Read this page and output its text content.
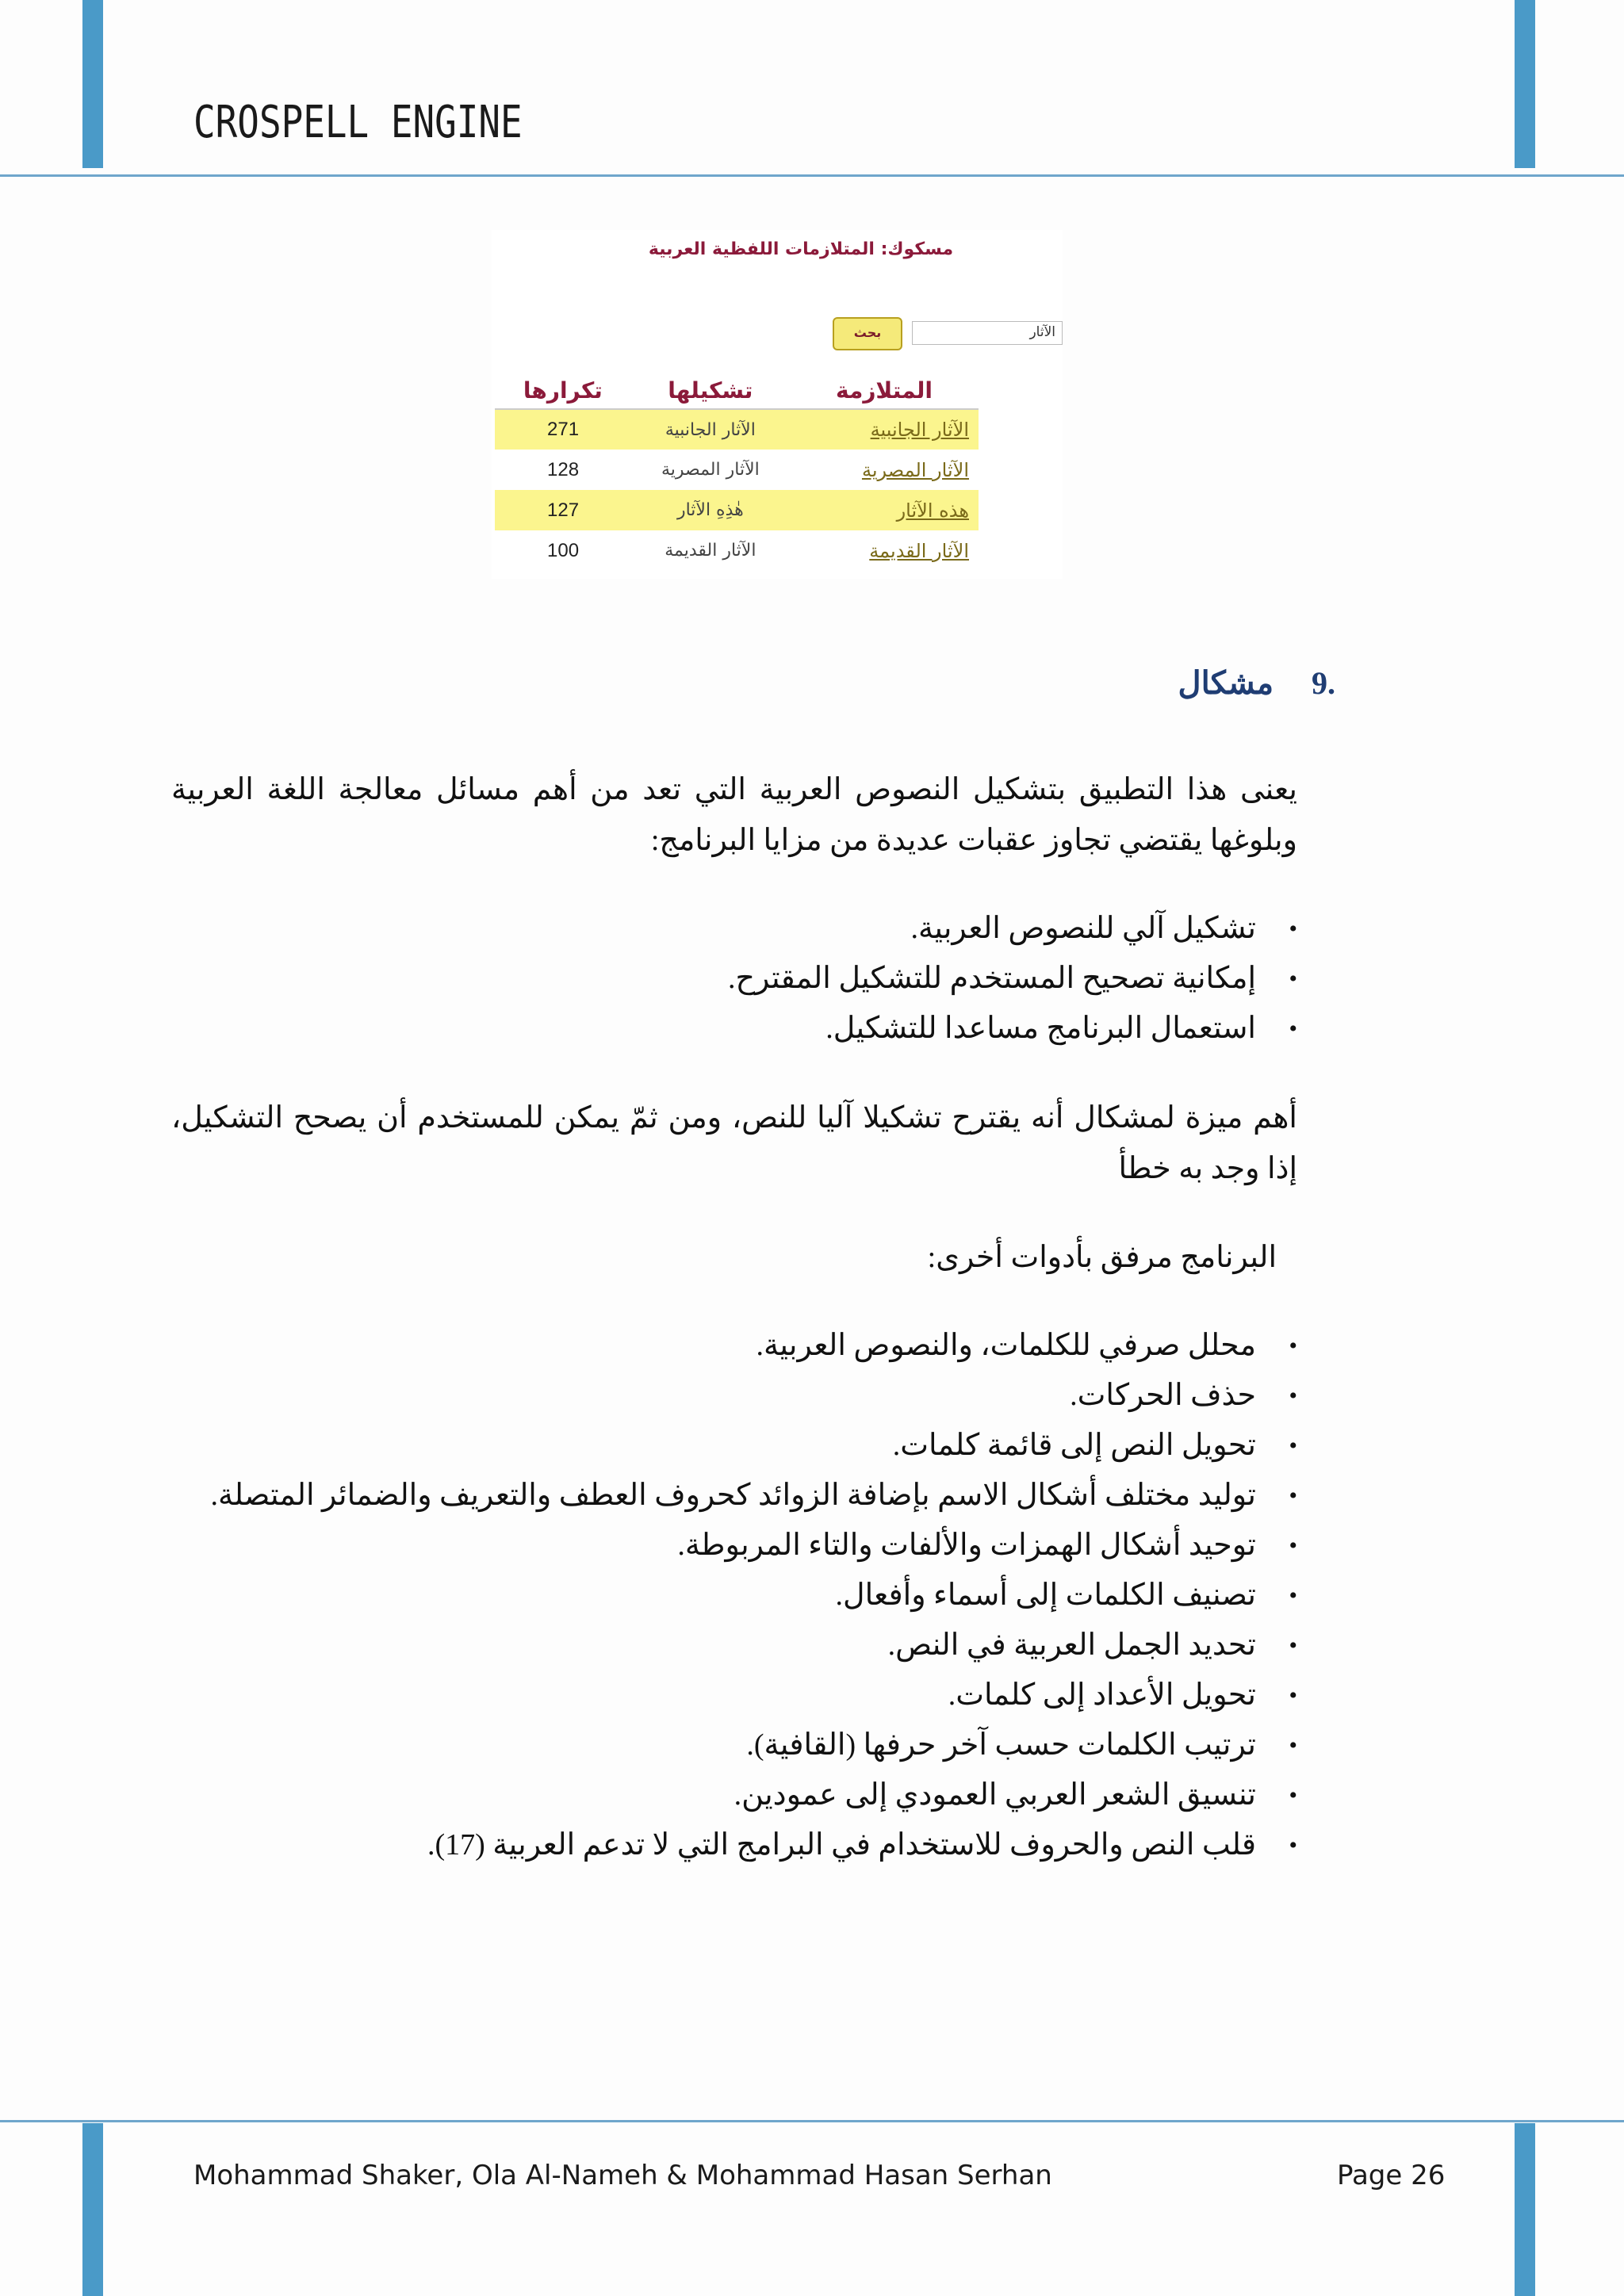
CROSPELL ENGINE
مسكوك: المتلازمات اللفظية العربية
الآثار
بحث
المتلازمة	تشكيلها	تكرارها
الآثار الجانبية	الآثار الجانبية	271
الآثار المصرية	الآثار المصرية	128
هذه الآثار	هٰذِهِ الآثار	127
الآثار القديمة	الآثار القديمة	100
.9مشكال

يعنى هذا التطبيق بتشكيل النصوص العربية التي تعد من أهم مسائل معالجة اللغة العربية وبلوغها يقتضي تجاوز عقبات عديدة من مزايا البرنامج:

• تشكيل آلي للنصوص العربية.
• إمكانية تصحيح المستخدم للتشكيل المقترح.
• استعمال البرنامج مساعدا للتشكيل.

أهم ميزة لمشكال أنه يقترح تشكيلا آليا للنص، ومن ثمّ يمكن للمستخدم أن يصحح التشكيل، إذا وجد به خطأ

البرنامج مرفق بأدوات أخرى:

• محلل صرفي للكلمات، والنصوص العربية.
• حذف الحركات.
• تحويل النص إلى قائمة كلمات.
• توليد مختلف أشكال الاسم بإضافة الزوائد كحروف العطف والتعريف والضمائر المتصلة.
• توحيد أشكال الهمزات والألفات والتاء المربوطة.
• تصنيف الكلمات إلى أسماء وأفعال.
• تحديد الجمل العربية في النص.
• تحويل الأعداد إلى كلمات.
• ترتيب الكلمات حسب آخر حرفها (القافية).
• تنسيق الشعر العربي العمودي إلى عمودين.
• قلب النص والحروف للاستخدام في البرامج التي لا تدعم العربية (17).
Mohammad Shaker, Ola Al-Nameh & Mohammad Hasan Serhan	Page 26
